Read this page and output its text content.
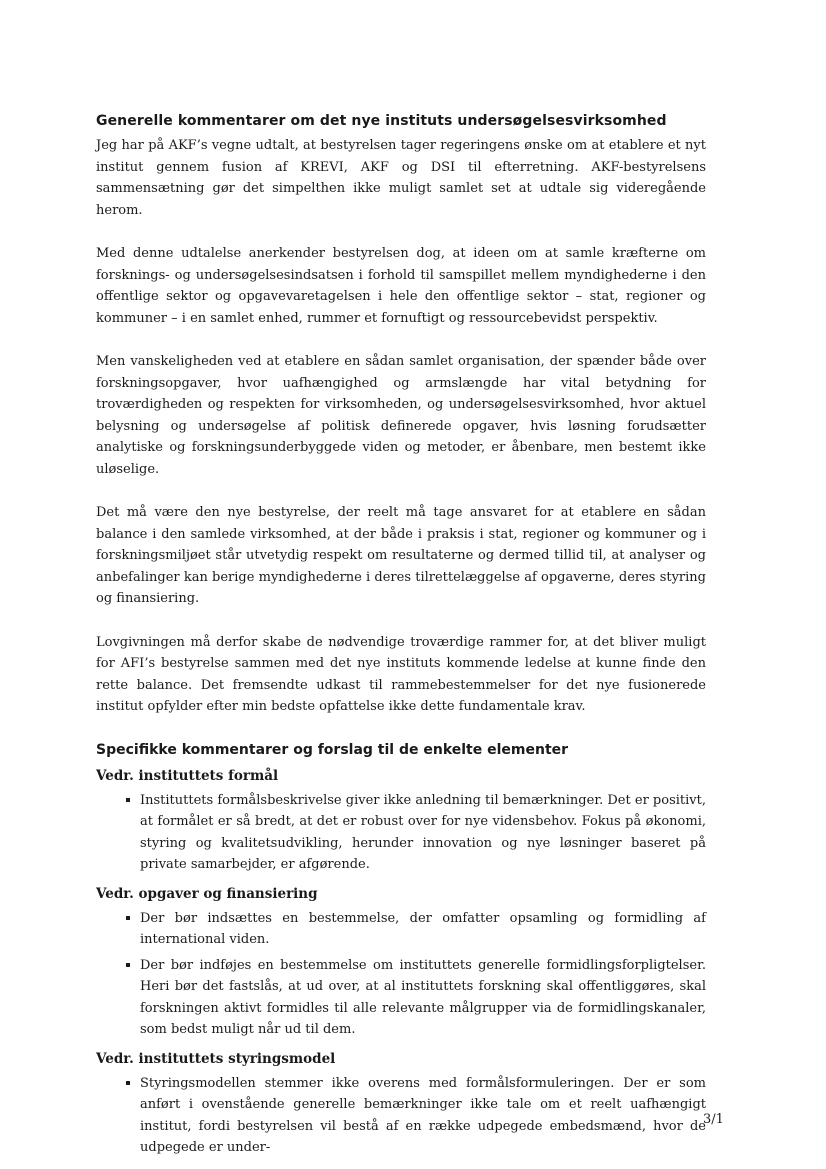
Generelle kommentarer om det nye instituts undersøgelsesvirksomhed

Jeg har på AKF’s vegne udtalt, at bestyrelsen tager regeringens ønske om at etablere et nyt institut gennem fusion af KREVI, AKF og DSI til efterretning. AKF-bestyrelsens sammensætning gør det simpelthen ikke muligt samlet set at udtale sig videregående herom.

Med denne udtalelse anerkender bestyrelsen dog, at ideen om at samle kræfterne om forsknings- og undersøgelsesindsatsen i forhold til samspillet mellem myndighederne i den offentlige sektor og opgavevaretagelsen i hele den offentlige sektor – stat, regioner og kommuner – i en samlet enhed, rummer et fornuftigt og ressourcebevidst perspektiv.

Men vanskeligheden ved at etablere en sådan samlet organisation, der spænder både over forskningsopgaver, hvor uafhængighed og armslængde har vital betydning for troværdigheden og respekten for virksomheden, og undersøgelsesvirksomhed, hvor aktuel belysning og undersøgelse af politisk definerede opgaver, hvis løsning forudsætter analytiske og forskningsunderbyggede viden og metoder, er åbenbare, men bestemt ikke uløselige.

Det må være den nye bestyrelse, der reelt må tage ansvaret for at etablere en sådan balance i den samlede virksomhed, at der både i praksis i stat, regioner og kommuner og i forskningsmiljøet står utvetydig respekt om resultaterne og dermed tillid til, at analyser og anbefalinger kan berige myndighederne i deres tilrettelæggelse af opgaverne, deres styring og finansiering.

Lovgivningen må derfor skabe de nødvendige troværdige rammer for, at det bliver muligt for AFI’s bestyrelse sammen med det nye instituts kommende ledelse at kunne finde den rette balance. Det fremsendte udkast til rammebestemmelser for det nye fusionerede institut opfylder efter min bedste opfattelse ikke dette fundamentale krav.

Specifikke kommentarer og forslag til de enkelte elementer
Vedr. instituttets formål
Instituttets formålsbeskrivelse giver ikke anledning til bemærkninger. Det er positivt, at formålet er så bredt, at det er robust over for nye vidensbehov. Fokus på økonomi, styring og kvalitetsudvikling, herunder innovation og nye løsninger baseret på private samarbejder, er afgørende.
Vedr. opgaver og finansiering
Der bør indsættes en bestemmelse, der omfatter opsamling og formidling af international viden.
Der bør indføjes en bestemmelse om instituttets generelle formidlingsforpligtelser. Heri bør det fastslås, at ud over, at al instituttets forskning skal offentliggøres, skal forskningen aktivt formidles til alle relevante målgrupper via de formidlingskanaler, som bedst muligt når ud til dem.
Vedr. instituttets styringsmodel
Styringsmodellen stemmer ikke overens med formålsformuleringen. Der er som anført i ovenstående generelle bemærkninger ikke tale om et reelt uafhængigt institut, fordi bestyrelsen vil bestå af en række udpegede embedsmænd, hvor de udpegede er under-
3/1
